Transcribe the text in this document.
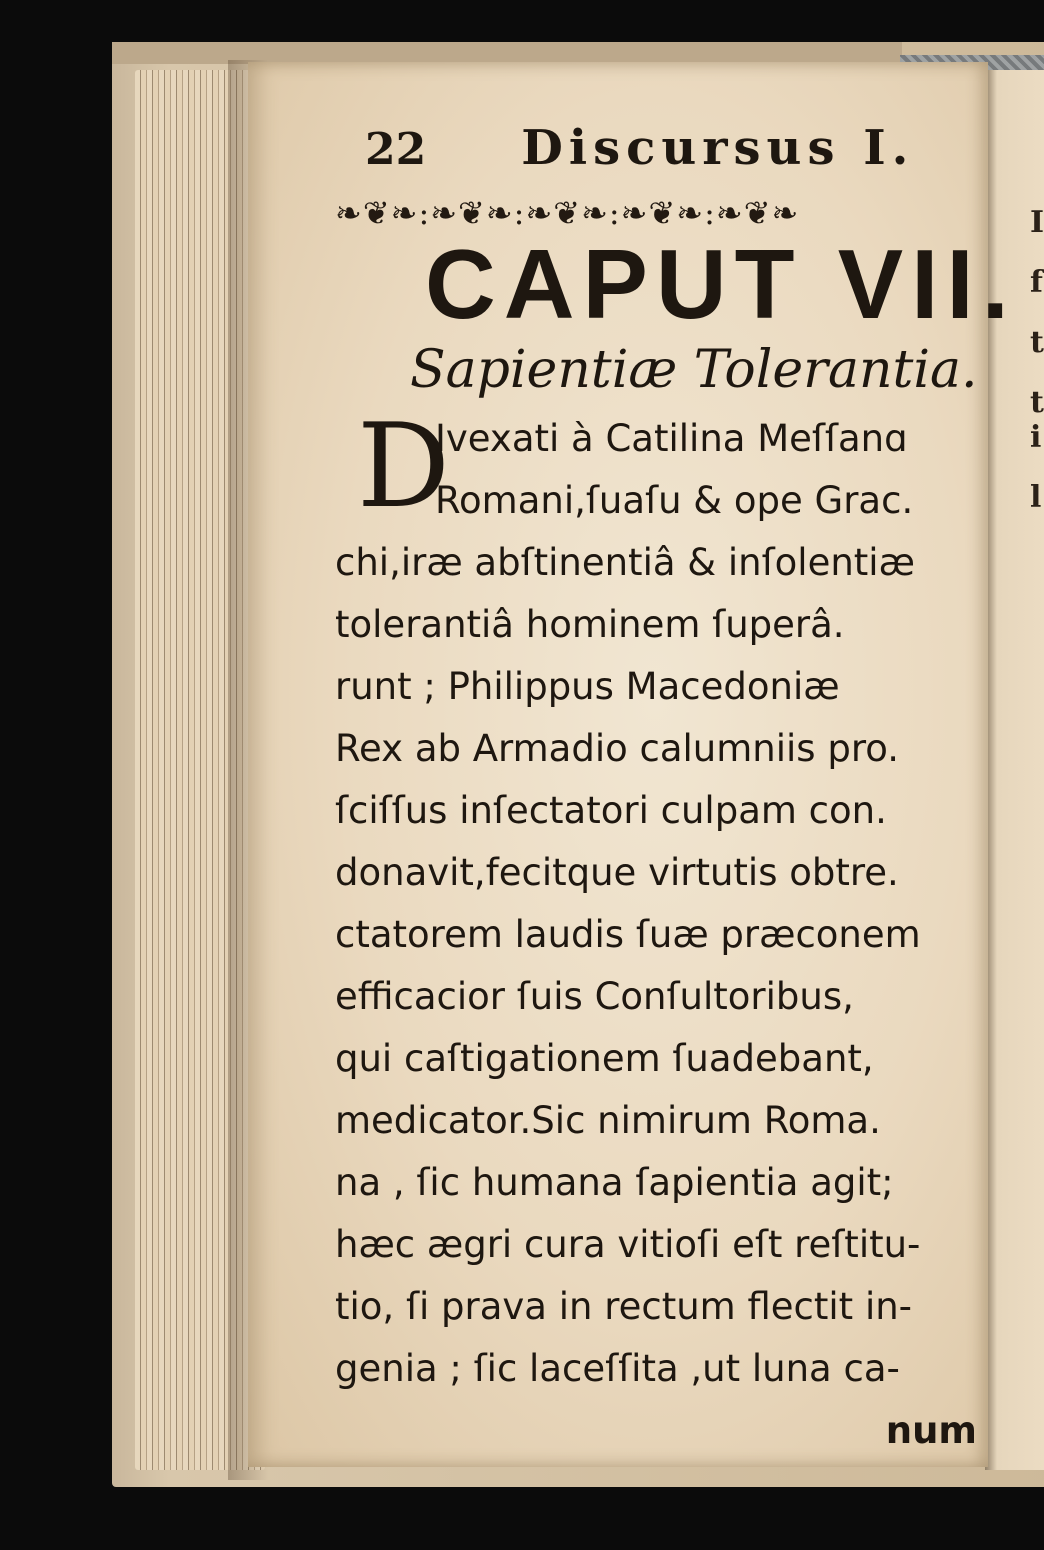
I
f
t
t
i
l
22 Discursus I.
❧❦❧:❧❦❧:❧❦❧:❧❦❧:❧❦❧
CAPUT VII.
Sapientiæ Tolerantia.
D
Ivexati à Catilina Meſſanɑ
Romani,ſuaſu & ope Grac.
chi,iræ abſtinentiâ & inſolentiæ
tolerantiâ hominem ſuperâ.
runt ; Philippus Macedoniæ
Rex ab Armadio calumniis pro.
ſciſſus inſectatori culpam con.
donavit,fecitque virtutis obtre.
ctatorem laudis ſuæ præconem
efficacior ſuis Conſultoribus,
qui caſtigationem ſuadebant,
medicator.Sic nimirum Roma.
na , ſic humana ſapientia agit;
hæc ægri cura vitioſi eſt reſtitu-
tio, ſi prava in rectum flectit in-
genia ; ſic laceſſita ,ut luna ca-
num
